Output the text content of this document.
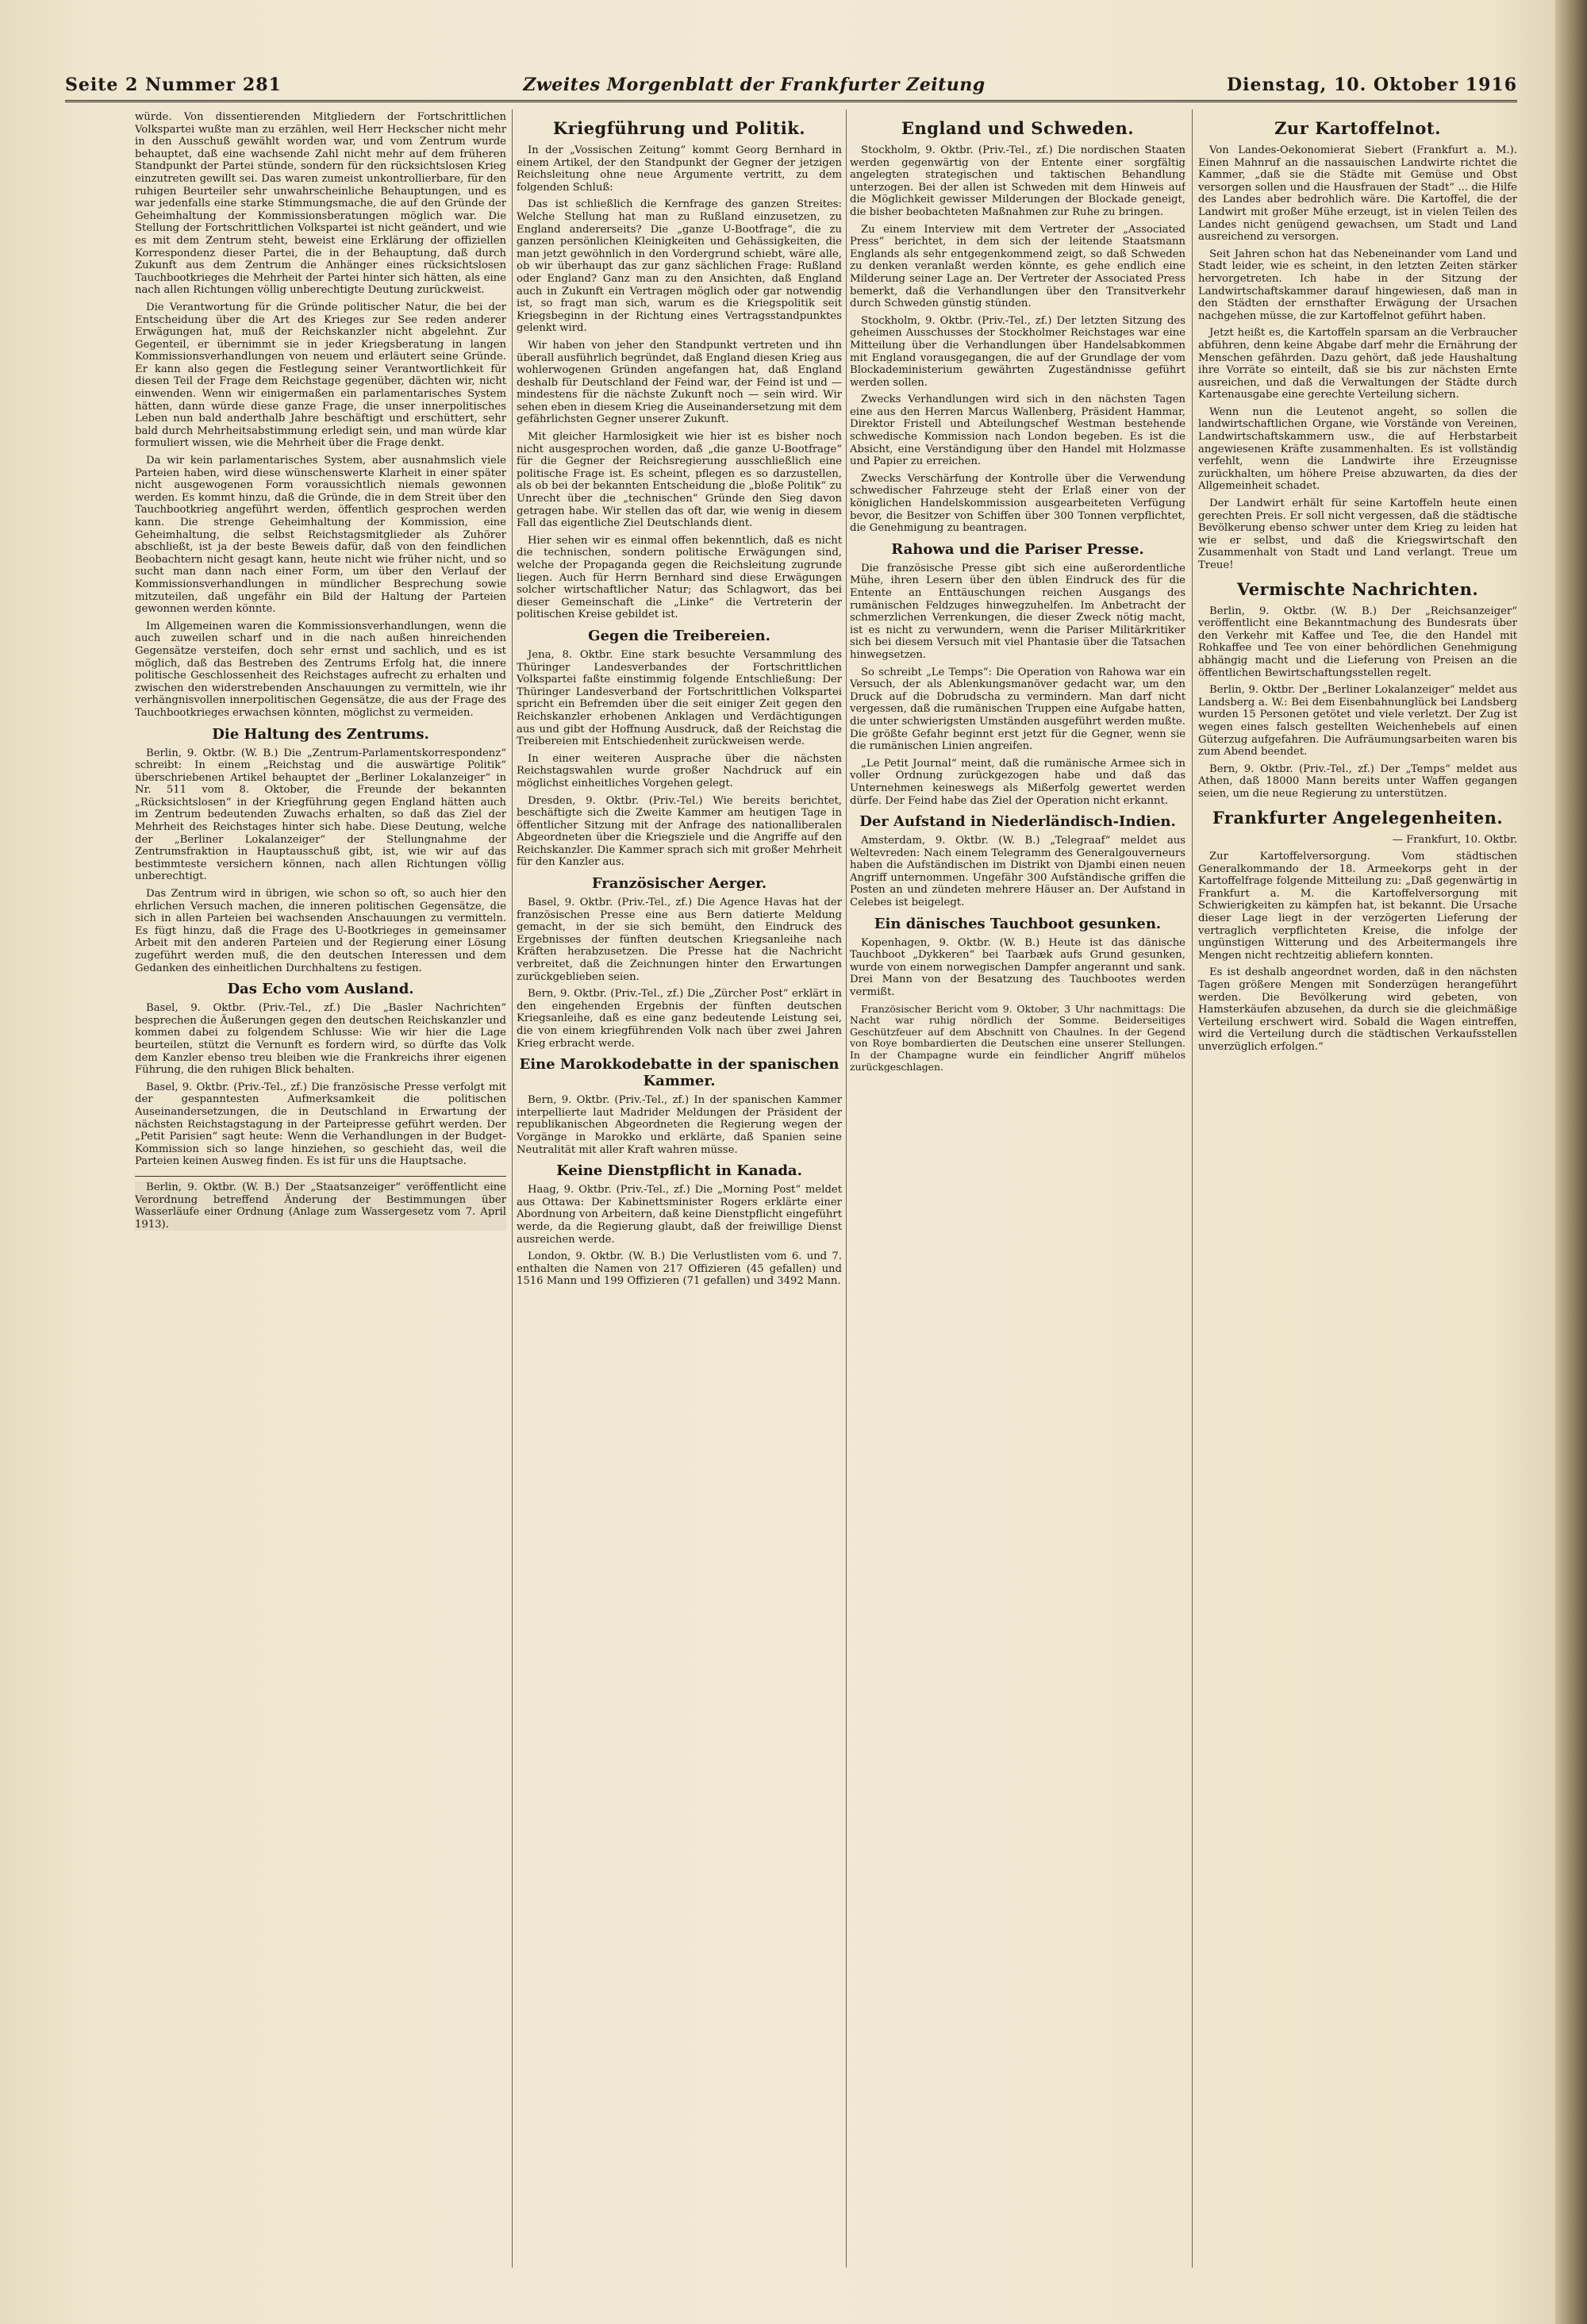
Seite 2 Nummer 281	Zweites Morgenblatt der Frankfurter Zeitung	Dienstag, 10. Oktober 1916

würde. Von dissentierenden Mitgliedern der Fortschrittlichen Volkspartei wußte man zu erzählen, weil Herr Heckscher nicht mehr in den Ausschuß gewählt worden war, und vom Zentrum wurde behauptet, daß eine wachsende Zahl nicht mehr auf dem früheren Standpunkt der Partei stünde, sondern für den rücksichtslosen Krieg einzutreten gewillt sei. Das waren zumeist unkontrollierbare, für den ruhigen Beurteiler sehr unwahrscheinliche Behauptungen, und es war jedenfalls eine starke Stimmungsmache, die auf den Gründe der Geheimhaltung der Kommissionsberatungen möglich war. Die Stellung der Fortschrittlichen Volkspartei ist nicht geändert, und wie es mit dem Zentrum steht, beweist eine Erklärung der offiziellen Korrespondenz dieser Partei, die in der Behauptung, daß durch Zukunft aus dem Zentrum die Anhänger eines rücksichtslosen Tauchbootkrieges die Mehrheit der Partei hinter sich hätten, als eine nach allen Richtungen völlig unberechtigte Deutung zurückweist.

Die Verantwortung für die Gründe politischer Natur, die bei der Entscheidung über die Art des Krieges zur See reden anderer Erwägungen hat, muß der Reichskanzler nicht abgelehnt. Zur Gegenteil, er übernimmt sie in jeder Kriegsberatung in langen Kommissionsverhandlungen von neuem und erläutert seine Gründe. Er kann also gegen die Festlegung seiner Verantwortlichkeit für diesen Teil der Frage dem Reichstage gegenüber, dächten wir, nicht einwenden. Wenn wir einigermaßen ein parlamentarisches System hätten, dann würde diese ganze Frage, die unser innerpolitisches Leben nun bald anderthalb Jahre beschäftigt und erschüttert, sehr bald durch Mehrheitsabstimmung erledigt sein, und man würde klar formuliert wissen, wie die Mehrheit über die Frage denkt.

Da wir kein parlamentarisches System, aber ausnahmslich viele Parteien haben, wird diese wünschenswerte Klarheit in einer später nicht ausgewogenen Form voraussichtlich niemals gewonnen werden. Es kommt hinzu, daß die Gründe, die in dem Streit über den Tauchbootkrieg angeführt werden, öffentlich gesprochen werden kann. Die strenge Geheimhaltung der Kommission, eine Geheimhaltung, die selbst Reichstagsmitglieder als Zuhörer abschließt, ist ja der beste Beweis dafür, daß von den feindlichen Beobachtern nicht gesagt kann, heute nicht wie früher nicht, und so sucht man dann nach einer Form, um über den Verlauf der Kommissionsverhandlungen in mündlicher Besprechung sowie mitzuteilen, daß ungefähr ein Bild der Haltung der Parteien gewonnen werden könnte.

Im Allgemeinen waren die Kommissionsverhandlungen, wenn die auch zuweilen scharf und in die nach außen hinreichenden Gegensätze versteifen, doch sehr ernst und sachlich, und es ist möglich, daß das Bestreben des Zentrums Erfolg hat, die innere politische Geschlossenheit des Reichstages aufrecht zu erhalten und zwischen den widerstrebenden Anschauungen zu vermitteln, wie ihr verhängnisvollen innerpolitischen Gegensätze, die aus der Frage des Tauchbootkrieges erwachsen könnten, möglichst zu vermeiden.

Die Haltung des Zentrums.

Berlin, 9. Oktbr. (W. B.) Die „Zentrum-Parlamentskorrespondenz“ schreibt: In einem „Reichstag und die auswärtige Politik“ überschriebenen Artikel behauptet der „Berliner Lokalanzeiger“ in Nr. 511 vom 8. Oktober, die Freunde der bekannten „Rücksichtslosen“ in der Kriegführung gegen England hätten auch im Zentrum bedeutenden Zuwachs erhalten, so daß das Ziel der Mehrheit des Reichstages hinter sich habe. Diese Deutung, welche der „Berliner Lokalanzeiger“ der Stellungnahme der Zentrumsfraktion in Hauptausschuß gibt, ist, wie wir auf das bestimmteste versichern können, nach allen Richtungen völlig unberechtigt.

Das Zentrum wird in übrigen, wie schon so oft, so auch hier den ehrlichen Versuch machen, die inneren politischen Gegensätze, die sich in allen Parteien bei wachsenden Anschauungen zu vermitteln. Es fügt hinzu, daß die Frage des U-Bootkrieges in gemeinsamer Arbeit mit den anderen Parteien und der Regierung einer Lösung zugeführt werden muß, die den deutschen Interessen und dem Gedanken des einheitlichen Durchhaltens zu festigen.

Das Echo vom Ausland.

Basel, 9. Oktbr. (Priv.-Tel., zf.) Die „Basler Nachrichten“ besprechen die Äußerungen gegen den deutschen Reichskanzler und kommen dabei zu folgendem Schlusse: Wie wir hier die Lage beurteilen, stützt die Vernunft es fordern wird, so dürfte das Volk dem Kanzler ebenso treu bleiben wie die Frankreichs ihrer eigenen Führung, die den ruhigen Blick behalten.

Basel, 9. Oktbr. (Priv.-Tel., zf.) Die französische Presse verfolgt mit der gespanntesten Aufmerksamkeit die politischen Auseinandersetzungen, die in Deutschland in Erwartung der nächsten Reichstagstagung in der Parteipresse geführt werden. Der „Petit Parisien“ sagt heute: Wenn die Verhandlungen in der Budget-Kommission sich so lange hinziehen, so geschieht das, weil die Parteien keinen Ausweg finden. Es ist für uns die Hauptsache.

Berlin, 9. Oktbr. (W. B.) Der „Staatsanzeiger“ veröffentlicht eine Verordnung betreffend Änderung der Bestimmungen über Wasserläufe einer Ordnung (Anlage zum Wassergesetz vom 7. April 1913).

Kriegführung und Politik.

In der „Vossischen Zeitung“ kommt Georg Bernhard in einem Artikel, der den Standpunkt der Gegner der jetzigen Reichsleitung ohne neue Argumente vertritt, zu dem folgenden Schluß:

Das ist schließlich die Kernfrage des ganzen Streites: Welche Stellung hat man zu Rußland einzusetzen, zu England andererseits? Die „ganze U-Bootfrage“, die zu ganzen persönlichen Kleinigkeiten und Gehässigkeiten, die man jetzt gewöhnlich in den Vordergrund schiebt, wäre alle, ob wir überhaupt das zur ganz sächlichen Frage: Rußland oder England? Ganz man zu den Ansichten, daß England auch in Zukunft ein Vertragen möglich oder gar notwendig ist, so fragt man sich, warum es die Kriegspolitik seit Kriegsbeginn in der Richtung eines Vertragsstandpunktes gelenkt wird.

Wir haben von jeher den Standpunkt vertreten und ihn überall ausführlich begründet, daß England diesen Krieg aus wohlerwogenen Gründen angefangen hat, daß England deshalb für Deutschland der Feind war, der Feind ist und — mindestens für die nächste Zukunft noch — sein wird. Wir sehen eben in diesem Krieg die Auseinandersetzung mit dem gefährlichsten Gegner unserer Zukunft.

Mit gleicher Harmlosigkeit wie hier ist es bisher noch nicht ausgesprochen worden, daß „die ganze U-Bootfrage“ für die Gegner der Reichsregierung ausschließlich eine politische Frage ist. Es scheint, pflegen es so darzustellen, als ob bei der bekannten Entscheidung die „bloße Politik“ zu Unrecht über die „technischen“ Gründe den Sieg davon getragen habe. Wir stellen das oft dar, wie wenig in diesem Fall das eigentliche Ziel Deutschlands dient.

Hier sehen wir es einmal offen bekenntlich, daß es nicht die technischen, sondern politische Erwägungen sind, welche der Propaganda gegen die Reichsleitung zugrunde liegen. Auch für Herrn Bernhard sind diese Erwägungen solcher wirtschaftlicher Natur; das Schlagwort, das bei dieser Gemeinschaft die „Linke“ die Vertreterin der politischen Kreise gebildet ist.

Gegen die Treibereien.

Jena, 8. Oktbr. Eine stark besuchte Versammlung des Thüringer Landesverbandes der Fortschrittlichen Volkspartei faßte einstimmig folgende Entschließung: Der Thüringer Landesverband der Fortschrittlichen Volkspartei spricht ein Befremden über die seit einiger Zeit gegen den Reichskanzler erhobenen Anklagen und Verdächtigungen aus und gibt der Hoffnung Ausdruck, daß der Reichstag die Treibereien mit Entschiedenheit zurückweisen werde.

In einer weiteren Ausprache über die nächsten Reichstagswahlen wurde großer Nachdruck auf ein möglichst einheitliches Vorgehen gelegt.

Dresden, 9. Oktbr. (Priv.-Tel.) Wie bereits berichtet, beschäftigte sich die Zweite Kammer am heutigen Tage in öffentlicher Sitzung mit der Anfrage des nationalliberalen Abgeordneten über die Kriegsziele und die Angriffe auf den Reichskanzler. Die Kammer sprach sich mit großer Mehrheit für den Kanzler aus.

Französischer Aerger.

Basel, 9. Oktbr. (Priv.-Tel., zf.) Die Agence Havas hat der französischen Presse eine aus Bern datierte Meldung gemacht, in der sie sich bemüht, den Eindruck des Ergebnisses der fünften deutschen Kriegsanleihe nach Kräften herabzusetzen. Die Presse hat die Nachricht verbreitet, daß die Zeichnungen hinter den Erwartungen zurückgeblieben seien.

Bern, 9. Oktbr. (Priv.-Tel., zf.) Die „Zürcher Post“ erklärt in den eingehenden Ergebnis der fünften deutschen Kriegsanleihe, daß es eine ganz bedeutende Leistung sei, die von einem kriegführenden Volk nach über zwei Jahren Krieg erbracht werde.

Eine Marokkodebatte in der spanischen Kammer.

Bern, 9. Oktbr. (Priv.-Tel., zf.) In der spanischen Kammer interpellierte laut Madrider Meldungen der Präsident der republikanischen Abgeordneten die Regierung wegen der Vorgänge in Marokko und erklärte, daß Spanien seine Neutralität mit aller Kraft wahren müsse.

Keine Dienstpflicht in Kanada.

Haag, 9. Oktbr. (Priv.-Tel., zf.) Die „Morning Post“ meldet aus Ottawa: Der Kabinettsminister Rogers erklärte einer Abordnung von Arbeitern, daß keine Dienstpflicht eingeführt werde, da die Regierung glaubt, daß der freiwillige Dienst ausreichen werde.

London, 9. Oktbr. (W. B.) Die Verlustlisten vom 6. und 7. enthalten die Namen von 217 Offizieren (45 gefallen) und 1516 Mann und 199 Offizieren (71 gefallen) und 3492 Mann.

England und Schweden.

Stockholm, 9. Oktbr. (Priv.-Tel., zf.) Die nordischen Staaten werden gegenwärtig von der Entente einer sorgfältig angelegten strategischen und taktischen Behandlung unterzogen. Bei der allen ist Schweden mit dem Hinweis auf die Möglichkeit gewisser Milderungen der Blockade geneigt, die bisher beobachteten Maßnahmen zur Ruhe zu bringen.

Zu einem Interview mit dem Vertreter der „Associated Press“ berichtet, in dem sich der leitende Staatsmann Englands als sehr entgegenkommend zeigt, so daß Schweden zu denken veranlaßt werden könnte, es gehe endlich eine Milderung seiner Lage an. Der Vertreter der Associated Press bemerkt, daß die Verhandlungen über den Transitverkehr durch Schweden günstig stünden.

Stockholm, 9. Oktbr. (Priv.-Tel., zf.) Der letzten Sitzung des geheimen Ausschusses der Stockholmer Reichstages war eine Mitteilung über die Verhandlungen über Handelsabkommen mit England vorausgegangen, die auf der Grundlage der vom Blockadeministerium gewährten Zugeständnisse geführt werden sollen.

Zwecks Verhandlungen wird sich in den nächsten Tagen eine aus den Herren Marcus Wallenberg, Präsident Hammar, Direktor Fristell und Abteilungschef Westman bestehende schwedische Kommission nach London begeben. Es ist die Absicht, eine Verständigung über den Handel mit Holzmasse und Papier zu erreichen.

Zwecks Verschärfung der Kontrolle über die Verwendung schwedischer Fahrzeuge steht der Erlaß einer von der königlichen Handelskommission ausgearbeiteten Verfügung bevor, die Besitzer von Schiffen über 300 Tonnen verpflichtet, die Genehmigung zu beantragen.

Rahowa und die Pariser Presse.

Die französische Presse gibt sich eine außerordentliche Mühe, ihren Lesern über den üblen Eindruck des für die Entente an Enttäuschungen reichen Ausgangs des rumänischen Feldzuges hinwegzuhelfen. Im Anbetracht der schmerzlichen Verrenkungen, die dieser Zweck nötig macht, ist es nicht zu verwundern, wenn die Pariser Militärkritiker sich bei diesem Versuch mit viel Phantasie über die Tatsachen hinwegsetzen.

So schreibt „Le Temps“: Die Operation von Rahowa war ein Versuch, der als Ablenkungsmanöver gedacht war, um den Druck auf die Dobrudscha zu vermindern. Man darf nicht vergessen, daß die rumänischen Truppen eine Aufgabe hatten, die unter schwierigsten Umständen ausgeführt werden mußte. Die größte Gefahr beginnt erst jetzt für die Gegner, wenn sie die rumänischen Linien angreifen.

„Le Petit Journal“ meint, daß die rumänische Armee sich in voller Ordnung zurückgezogen habe und daß das Unternehmen keineswegs als Mißerfolg gewertet werden dürfe. Der Feind habe das Ziel der Operation nicht erkannt.

Der Aufstand in Niederländisch-Indien.

Amsterdam, 9. Oktbr. (W. B.) „Telegraaf“ meldet aus Weltevreden: Nach einem Telegramm des Generalgouverneurs haben die Aufständischen im Distrikt von Djambi einen neuen Angriff unternommen. Ungefähr 300 Aufständische griffen die Posten an und zündeten mehrere Häuser an. Der Aufstand in Celebes ist beigelegt.

Ein dänisches Tauchboot gesunken.

Kopenhagen, 9. Oktbr. (W. B.) Heute ist das dänische Tauchboot „Dykkeren“ bei Taarbæk aufs Grund gesunken, wurde von einem norwegischen Dampfer angerannt und sank. Drei Mann von der Besatzung des Tauchbootes werden vermißt.

Französischer Bericht vom 9. Oktober, 3 Uhr nachmittags: Die Nacht war ruhig nördlich der Somme. Beiderseitiges Geschützfeuer auf dem Abschnitt von Chaulnes. In der Gegend von Roye bombardierten die Deutschen eine unserer Stellungen. In der Champagne wurde ein feindlicher Angriff mühelos zurückgeschlagen.

Zur Kartoffelnot.

Von Landes-Oekonomierat Siebert (Frankfurt a. M.). Einen Mahnruf an die nassauischen Landwirte richtet die Kammer, „daß sie die Städte mit Gemüse und Obst versorgen sollen und die Hausfrauen der Stadt“ ... die Hilfe des Landes aber bedrohlich wäre. Die Kartoffel, die der Landwirt mit großer Mühe erzeugt, ist in vielen Teilen des Landes nicht genügend gewachsen, um Stadt und Land ausreichend zu versorgen.

Seit Jahren schon hat das Nebeneinander vom Land und Stadt leider, wie es scheint, in den letzten Zeiten stärker hervorgetreten. Ich habe in der Sitzung der Landwirtschaftskammer darauf hingewiesen, daß man in den Städten der ernsthafter Erwägung der Ursachen nachgehen müsse, die zur Kartoffelnot geführt haben.

Jetzt heißt es, die Kartoffeln sparsam an die Verbraucher abführen, denn keine Abgabe darf mehr die Ernährung der Menschen gefährden. Dazu gehört, daß jede Haushaltung ihre Vorräte so einteilt, daß sie bis zur nächsten Ernte ausreichen, und daß die Verwaltungen der Städte durch Kartenausgabe eine gerechte Verteilung sichern.

Wenn nun die Leutenot angeht, so sollen die landwirtschaftlichen Organe, wie Vorstände von Vereinen, Landwirtschaftskammern usw., die auf Herbstarbeit angewiesenen Kräfte zusammenhalten. Es ist vollständig verfehlt, wenn die Landwirte ihre Erzeugnisse zurückhalten, um höhere Preise abzuwarten, da dies der Allgemeinheit schadet.

Der Landwirt erhält für seine Kartoffeln heute einen gerechten Preis. Er soll nicht vergessen, daß die städtische Bevölkerung ebenso schwer unter dem Krieg zu leiden hat wie er selbst, und daß die Kriegswirtschaft den Zusammenhalt von Stadt und Land verlangt. Treue um Treue!

Vermischte Nachrichten.

Berlin, 9. Oktbr. (W. B.) Der „Reichsanzeiger“ veröffentlicht eine Bekanntmachung des Bundesrats über den Verkehr mit Kaffee und Tee, die den Handel mit Rohkaffee und Tee von einer behördlichen Genehmigung abhängig macht und die Lieferung von Preisen an die öffentlichen Bewirtschaftungsstellen regelt.

Berlin, 9. Oktbr. Der „Berliner Lokalanzeiger“ meldet aus Landsberg a. W.: Bei dem Eisenbahnunglück bei Landsberg wurden 15 Personen getötet und viele verletzt. Der Zug ist wegen eines falsch gestellten Weichenhebels auf einen Güterzug aufgefahren. Die Aufräumungsarbeiten waren bis zum Abend beendet.

Bern, 9. Oktbr. (Priv.-Tel., zf.) Der „Temps“ meldet aus Athen, daß 18000 Mann bereits unter Waffen gegangen seien, um die neue Regierung zu unterstützen.

Frankfurter Angelegenheiten.

— Frankfurt, 10. Oktbr.

Zur Kartoffelversorgung. Vom städtischen Generalkommando der 18. Armeekorps geht in der Kartoffelfrage folgende Mitteilung zu: „Daß gegenwärtig in Frankfurt a. M. die Kartoffelversorgung mit Schwierigkeiten zu kämpfen hat, ist bekannt. Die Ursache dieser Lage liegt in der verzögerten Lieferung der vertraglich verpflichteten Kreise, die infolge der ungünstigen Witterung und des Arbeitermangels ihre Mengen nicht rechtzeitig abliefern konnten.

Es ist deshalb angeordnet worden, daß in den nächsten Tagen größere Mengen mit Sonderzügen herangeführt werden. Die Bevölkerung wird gebeten, von Hamsterkäufen abzusehen, da durch sie die gleichmäßige Verteilung erschwert wird. Sobald die Wagen eintreffen, wird die Verteilung durch die städtischen Verkaufsstellen unverzüglich erfolgen.“
